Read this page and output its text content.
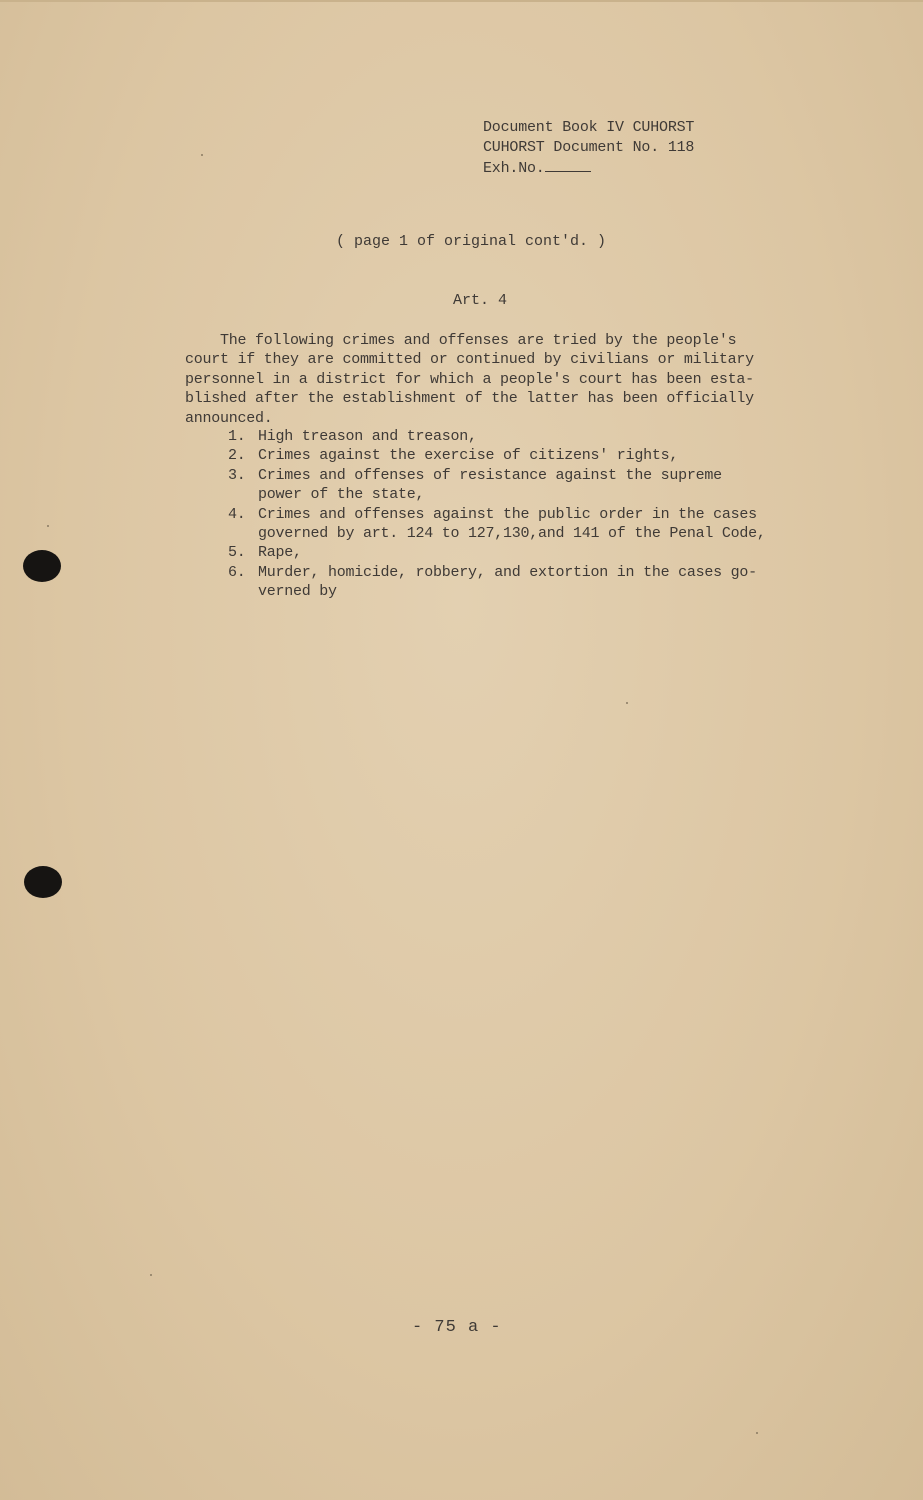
Document Book IV CUHORST
CUHORST Document No. 118
Exh.No.
( page 1 of original cont'd. )
Art. 4
The following crimes and offenses are tried by the people's
court if they are committed or continued by civilians or military
personnel in a district for which a people's court has been esta-
blished after the establishment of the latter has been officially
announced.
1. High treason and treason,
2. Crimes against the exercise of citizens' rights,
3. Crimes and offenses of resistance against the supreme
power of the state,
4. Crimes and offenses against the public order in the cases
governed by art. 124 to 127,130,and 141 of the Penal Code,
5. Rape,
6. Murder, homicide, robbery, and extortion in the cases go-
verned by
- 75 a -
